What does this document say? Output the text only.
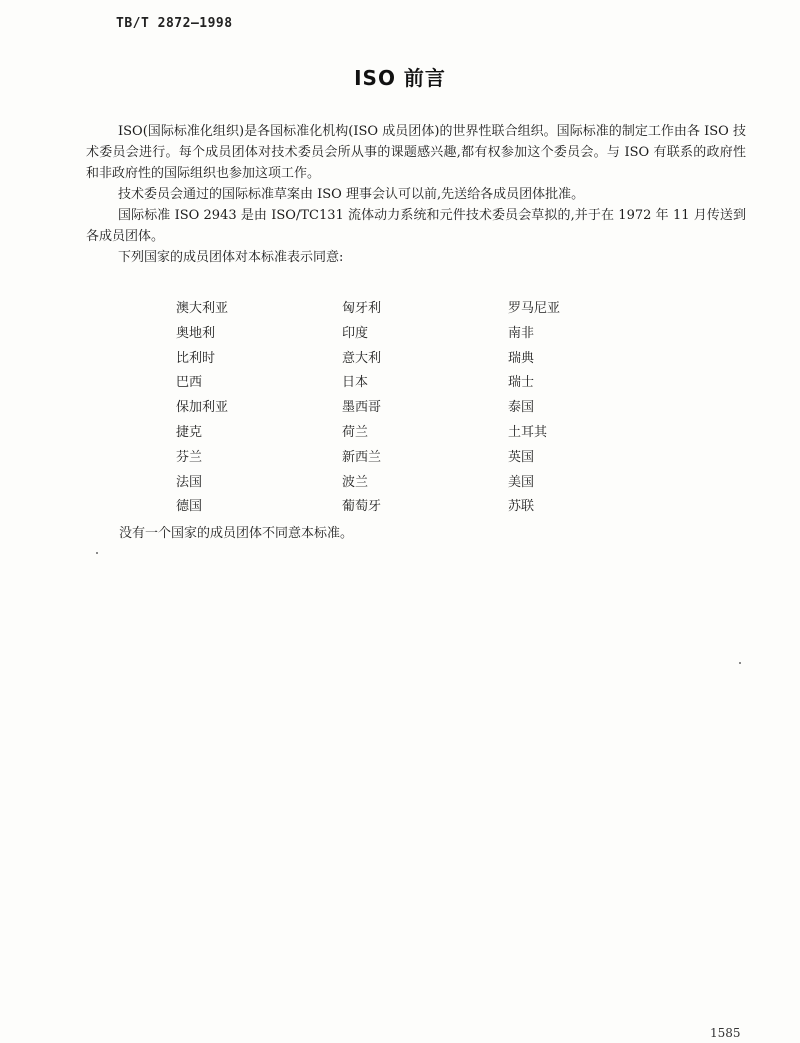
TB/T 2872—1998
ISO 前言

ISO(国际标准化组织)是各国标准化机构(ISO 成员团体)的世界性联合组织。国际标准的制定工作由各 ISO 技术委员会进行。每个成员团体对技术委员会所从事的课题感兴趣,都有权参加这个委员会。与 ISO 有联系的政府性和非政府性的国际组织也参加这项工作。

技术委员会通过的国际标准草案由 ISO 理事会认可以前,先送给各成员团体批准。

国际标准 ISO 2943 是由 ISO/TC131 流体动力系统和元件技术委员会草拟的,并于在 1972 年 11 月传送到各成员团体。

下列国家的成员团体对本标准表示同意:

澳大利亚	匈牙利	罗马尼亚
奥地利	印度	南非
比利时	意大利	瑞典
巴西	日本	瑞士
保加利亚	墨西哥	泰国
捷克	荷兰	土耳其
芬兰	新西兰	英国
法国	波兰	美国
德国	葡萄牙	苏联
没有一个国家的成员团体不同意本标准。
1585
